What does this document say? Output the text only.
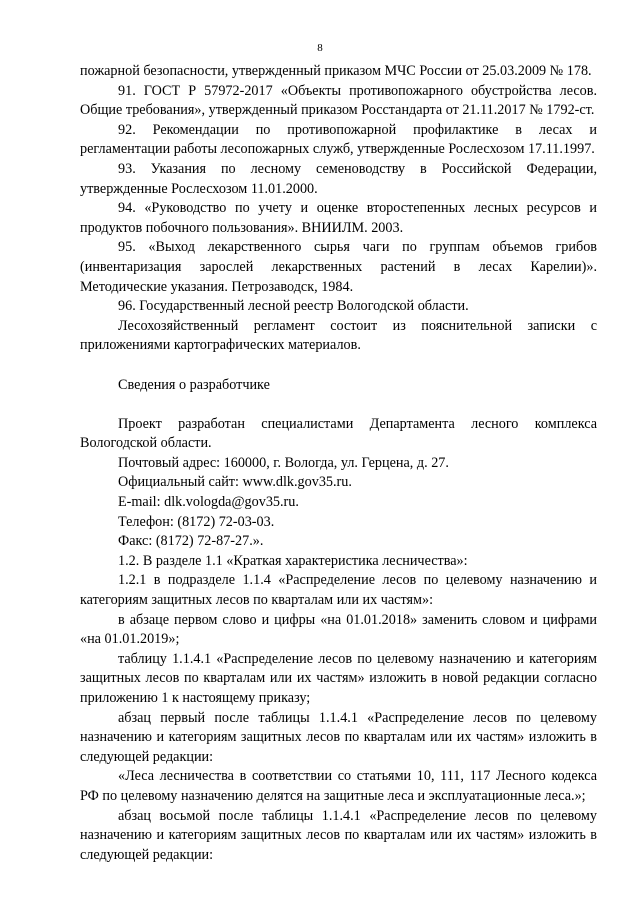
8

пожарной безопасности, утвержденный приказом МЧС России от 25.03.2009 № 178.

91. ГОСТ Р 57972-2017 «Объекты противопожарного обустройства лесов. Общие требования», утвержденный приказом Росстандарта от 21.11.2017 № 1792-ст.

92. Рекомендации по противопожарной профилактике в лесах и регламентации работы лесопожарных служб, утвержденные Рослесхозом 17.11.1997.

93. Указания по лесному семеноводству в Российской Федерации, утвержденные Рослесхозом 11.01.2000.

94. «Руководство по учету и оценке второстепенных лесных ресурсов и продуктов побочного пользования». ВНИИЛМ. 2003.

95. «Выход лекарственного сырья чаги по группам объемов грибов (инвентаризация зарослей лекарственных растений в лесах Карелии)». Методические указания. Петрозаводск, 1984.

96. Государственный лесной реестр Вологодской области.

Лесохозяйственный регламент состоит из пояснительной записки с приложениями картографических материалов.

Сведения о разработчике

Проект разработан специалистами Департамента лесного комплекса Вологодской области.

Почтовый адрес: 160000, г. Вологда, ул. Герцена, д. 27.

Официальный сайт: www.dlk.gov35.ru.

E-mail: dlk.vologda@gov35.ru.

Телефон: (8172) 72-03-03.

Факс: (8172) 72-87-27.».

1.2. В разделе 1.1 «Краткая характеристика лесничества»:

1.2.1 в подразделе 1.1.4 «Распределение лесов по целевому назначению и категориям защитных лесов по кварталам или их частям»:

в абзаце первом слово и цифры «на 01.01.2018» заменить словом и цифрами «на 01.01.2019»;

таблицу 1.1.4.1 «Распределение лесов по целевому назначению и категориям защитных лесов по кварталам или их частям» изложить в новой редакции согласно приложению 1 к настоящему приказу;

абзац первый после таблицы 1.1.4.1 «Распределение лесов по целевому назначению и категориям защитных лесов по кварталам или их частям» изложить в следующей редакции:

«Леса лесничества в соответствии со статьями 10, 111, 117 Лесного кодекса РФ по целевому назначению делятся на защитные леса и эксплуатационные леса.»;

абзац восьмой после таблицы 1.1.4.1 «Распределение лесов по целевому назначению и категориям защитных лесов по кварталам или их частям» изложить в следующей редакции:
